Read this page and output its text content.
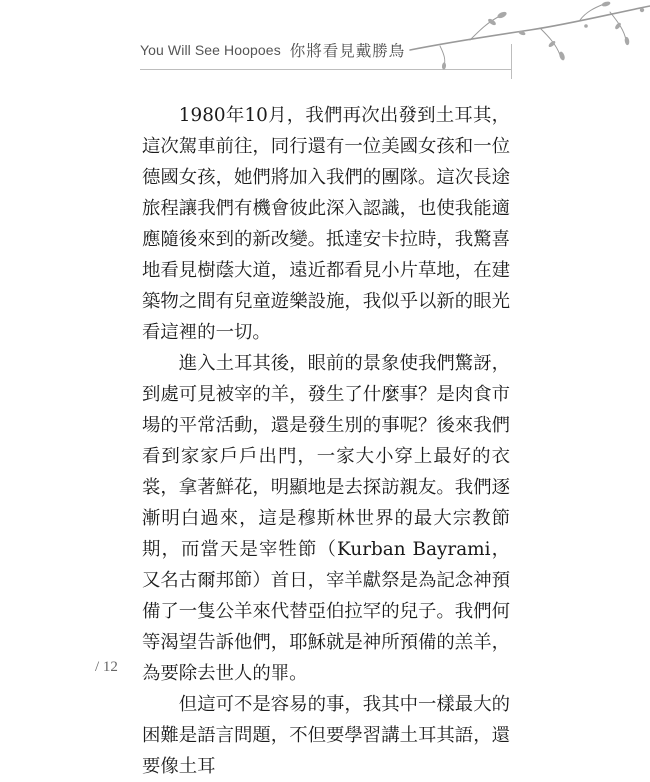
You Will See Hoopoes 你將看見戴勝鳥

1980年10月，我們再次出發到土耳其，這次駕車前往，同行還有一位美國女孩和一位德國女孩，她們將加入我們的團隊。這次長途旅程讓我們有機會彼此深入認識，也使我能適應隨後來到的新改變。抵達安卡拉時，我驚喜地看見樹蔭大道，遠近都看見小片草地，在建築物之間有兒童遊樂設施，我似乎以新的眼光看這裡的一切。

進入土耳其後，眼前的景象使我們驚訝，到處可見被宰的羊，發生了什麼事？是肉食市場的平常活動，還是發生別的事呢？後來我們看到家家戶戶出門，一家大小穿上最好的衣裳，拿著鮮花，明顯地是去探訪親友。我們逐漸明白過來，這是穆斯林世界的最大宗教節期，而當天是宰牲節（Kurban Bayrami，又名古爾邦節）首日，宰羊獻祭是為記念神預備了一隻公羊來代替亞伯拉罕的兒子。我們何等渴望告訴他們，耶穌就是神所預備的羔羊，為要除去世人的罪。

但這可不是容易的事，我其中一樣最大的困難是語言問題，不但要學習講土耳其語，還要像土耳

/ 12
